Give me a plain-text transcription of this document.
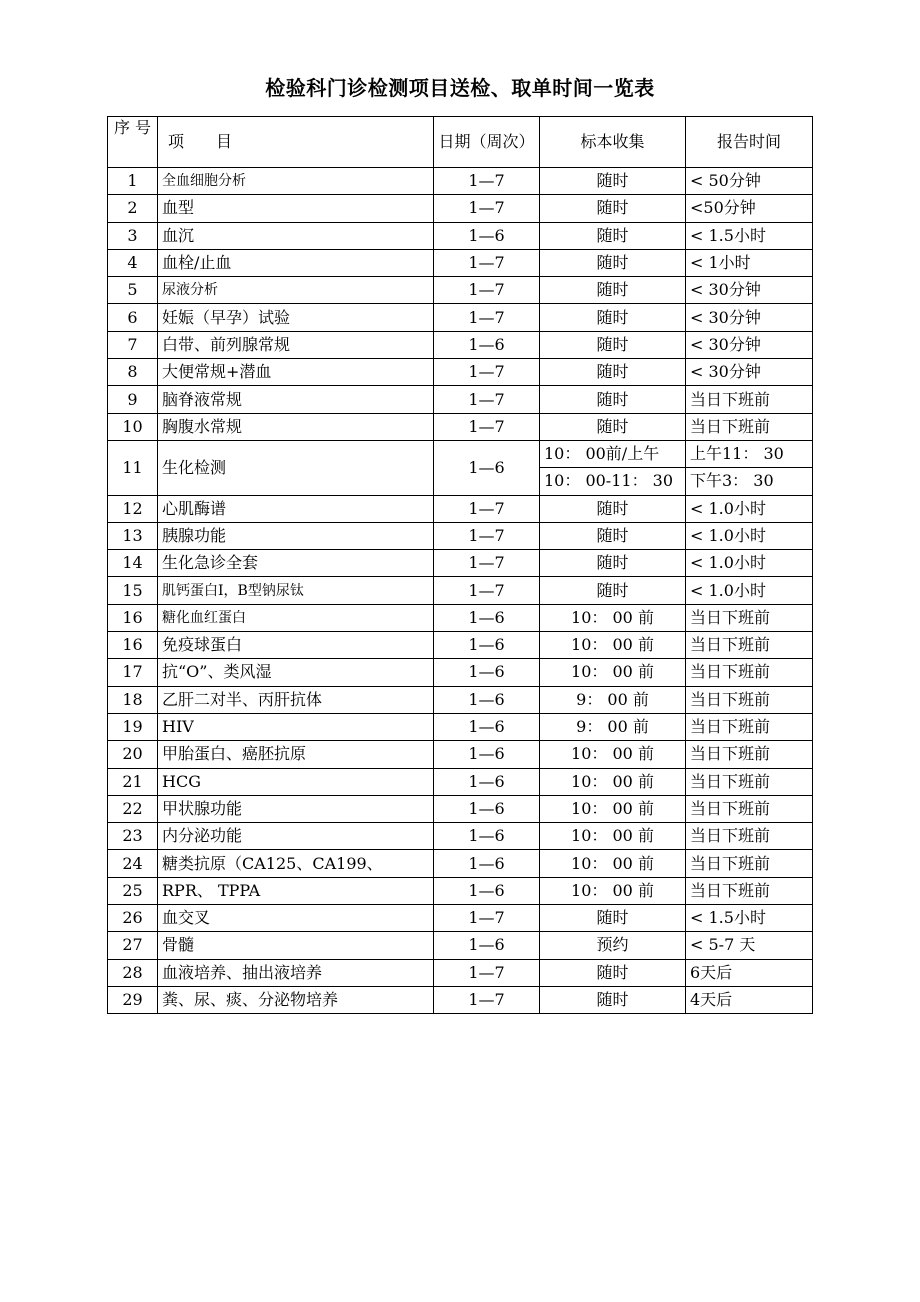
检验科门诊检测项目送检、取单时间一览表
序 号	项　　目	日期（周次）	标本收集	报告时间
1	全血细胞分析	1—7	随时	< 50分钟
2	血型	1—7	随时	<50分钟
3	血沉	1—6	随时	< 1.5小时
4	血栓/止血	1—7	随时	< 1小时
5	尿液分析	1—7	随时	< 30分钟
6	妊娠（早孕）试验	1—7	随时	< 30分钟
7	白带、前列腺常规	1—6	随时	< 30分钟
8	大便常规+潜血	1—7	随时	< 30分钟
9	脑脊液常规	1—7	随时	当日下班前
10	胸腹水常规	1—7	随时	当日下班前
11	生化检测	1—6	10： 00前/上午	上午11： 30
			10： 00-11： 30	下午3： 30
12	心肌酶谱	1—7	随时	< 1.0小时
13	胰腺功能	1—7	随时	< 1.0小时
14	生化急诊全套	1—7	随时	< 1.0小时
15	肌钙蛋白I，B型钠尿钛	1—7	随时	< 1.0小时
16	糖化血红蛋白	1—6	10： 00 前	当日下班前
16	免疫球蛋白	1—6	10： 00 前	当日下班前
17	抗“O”、类风湿	1—6	10： 00 前	当日下班前
18	乙肝二对半、丙肝抗体	1—6	9： 00 前	当日下班前
19	HIV	1—6	9： 00 前	当日下班前
20	甲胎蛋白、癌胚抗原	1—6	10： 00 前	当日下班前
21	HCG	1—6	10： 00 前	当日下班前
22	甲状腺功能	1—6	10： 00 前	当日下班前
23	内分泌功能	1—6	10： 00 前	当日下班前
24	糖类抗原（CA125、CA199、	1—6	10： 00 前	当日下班前
25	RPR、 TPPA	1—6	10： 00 前	当日下班前
26	血交叉	1—7	随时	< 1.5小时
27	骨髓	1—6	预约	< 5-7 天
28	血液培养、抽出液培养	1—7	随时	6天后
29	粪、尿、痰、分泌物培养	1—7	随时	4天后
